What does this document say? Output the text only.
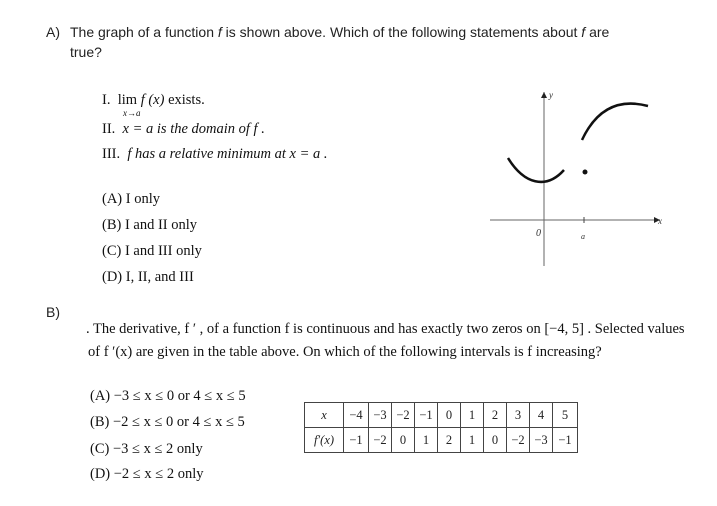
A) The graph of a function f is shown above. Which of the following statements about f are
true?
I. lim f (x) exists.
x→a
II. x = a is the domain of f .
III. f has a relative minimum at x = a .
(A) I only
(B) I and II only
(C) I and III only
(D) I, II, and III
y
x
0	a
B)
. The derivative, f ′ , of a function f is continuous and has exactly two zeros on [−4, 5] . Selected values
of f ′(x) are given in the table above. On which of the following intervals is f increasing?
(A) −3 ≤ x ≤ 0 or 4 ≤ x ≤ 5
(B) −2 ≤ x ≤ 0 or 4 ≤ x ≤ 5
(C) −3 ≤ x ≤ 2 only
(D) −2 ≤ x ≤ 2 only
x	−4	−3	−2	−1	0	1	2	3	4	5
f′(x)	−1	−2	0	1	2	1	0	−2	−3	−1
